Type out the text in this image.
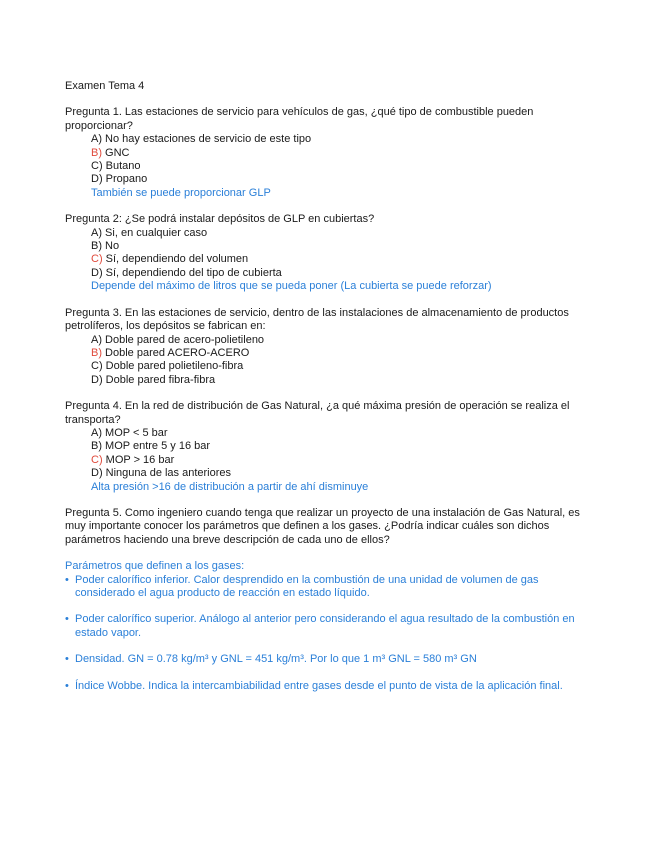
Examen Tema 4

Pregunta 1. Las estaciones de servicio para vehículos de gas, ¿qué tipo de combustible pueden proporcionar?

A) No hay estaciones de servicio de este tipo

B) GNC

C) Butano

D) Propano

También se puede proporcionar GLP

Pregunta 2: ¿Se podrá instalar depósitos de GLP en cubiertas?

A) Si, en cualquier caso

B) No

C) Sí, dependiendo del volumen

D) Sí, dependiendo del tipo de cubierta

Depende del máximo de litros que se pueda poner (La cubierta se puede reforzar)

Pregunta 3. En las estaciones de servicio, dentro de las instalaciones de almacenamiento de productos petrolíferos, los depósitos se fabrican en:

A) Doble pared de acero-polietileno

B) Doble pared ACERO-ACERO

C) Doble pared polietileno-fibra

D) Doble pared fibra-fibra

Pregunta 4. En la red de distribución de Gas Natural, ¿a qué máxima presión de operación se realiza el transporta?

A) MOP < 5 bar

B) MOP entre 5 y 16 bar

C) MOP > 16 bar

D) Ninguna de las anteriores

Alta presión >16 de distribución a partir de ahí disminuye

Pregunta 5. Como ingeniero cuando tenga que realizar un proyecto de una instalación de Gas Natural, es muy importante conocer los parámetros que definen a los gases. ¿Podría indicar cuáles son dichos parámetros haciendo una breve descripción de cada uno de ellos?

Parámetros que definen a los gases:

• Poder calorífico inferior. Calor desprendido en la combustión de una unidad de volumen de gas considerado el agua producto de reacción en estado líquido.
• Poder calorífico superior. Análogo al anterior pero considerando el agua resultado de la combustión en estado vapor.
• Densidad. GN = 0.78 kg/m³ y GNL = 451 kg/m³. Por lo que 1 m³ GNL = 580 m³ GN
• Índice Wobbe. Indica la intercambiabilidad entre gases desde el punto de vista de la aplicación final.
